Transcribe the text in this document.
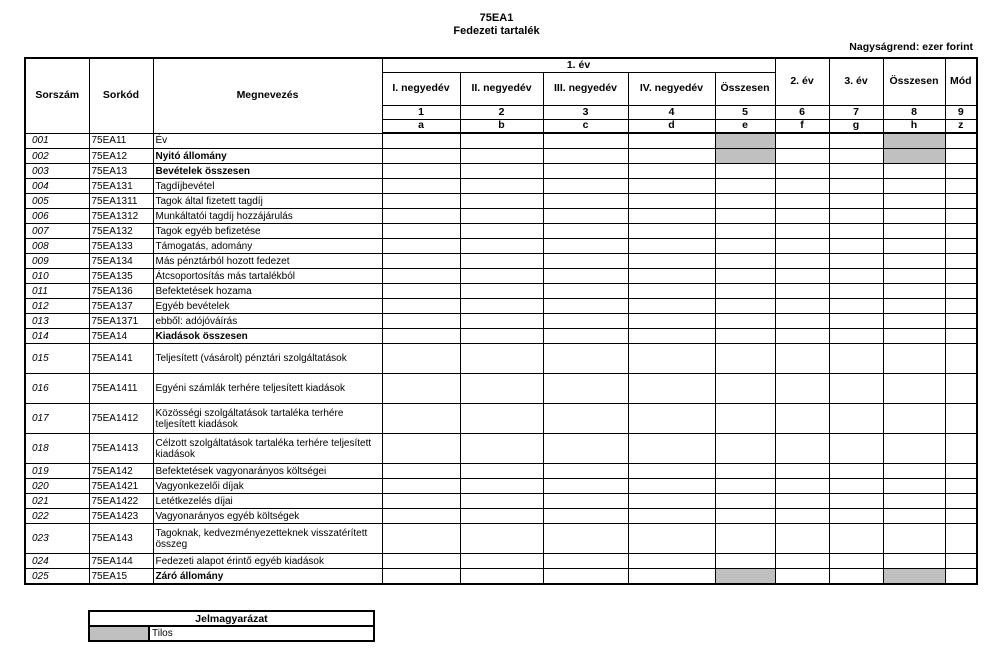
75EA1
Fedezeti tartalék
Nagyságrend: ezer forint
Sorszám	Sorkód	Megnevezés	1. év					2. év	3. év	Összesen	Mód
			I. negyedév	II. negyedév	III. negyedév	IV. negyedév	Összesen				
			1	2	3	4	5	6	7	8	9
			a	b	c	d	e	f	g	h	z
001	75EA11	Év									
002	75EA12	Nyitó állomány									
003	75EA13	Bevételek összesen									
004	75EA131	Tagdíjbevétel									
005	75EA1311	Tagok által fizetett tagdíj									
006	75EA1312	Munkáltatói tagdíj hozzájárulás									
007	75EA132	Tagok egyéb befizetése									
008	75EA133	Támogatás, adomány									
009	75EA134	Más pénztárból hozott fedezet									
010	75EA135	Átcsoportosítás más tartalékból									
011	75EA136	Befektetések hozama									
012	75EA137	Egyéb bevételek									
013	75EA1371	ebből: adójóváírás									
014	75EA14	Kiadások összesen									
015	75EA141	Teljesített (vásárolt) pénztári szolgáltatások									
016	75EA1411	Egyéni számlák terhére teljesített kiadások									
017	75EA1412	Közösségi szolgáltatások tartaléka terhére teljesített kiadások									
018	75EA1413	Célzott szolgáltatások tartaléka terhére teljesített kiadások									
019	75EA142	Befektetések vagyonarányos költségei									
020	75EA1421	Vagyonkezelői díjak									
021	75EA1422	Letétkezelés díjai									
022	75EA1423	Vagyonarányos egyéb költségek									
023	75EA143	Tagoknak, kedvezményezetteknek visszatérített összeg									
024	75EA144	Fedezeti alapot érintő egyéb kiadások									
025	75EA15	Záró állomány									
Jelmagyarázat
	Tilos
